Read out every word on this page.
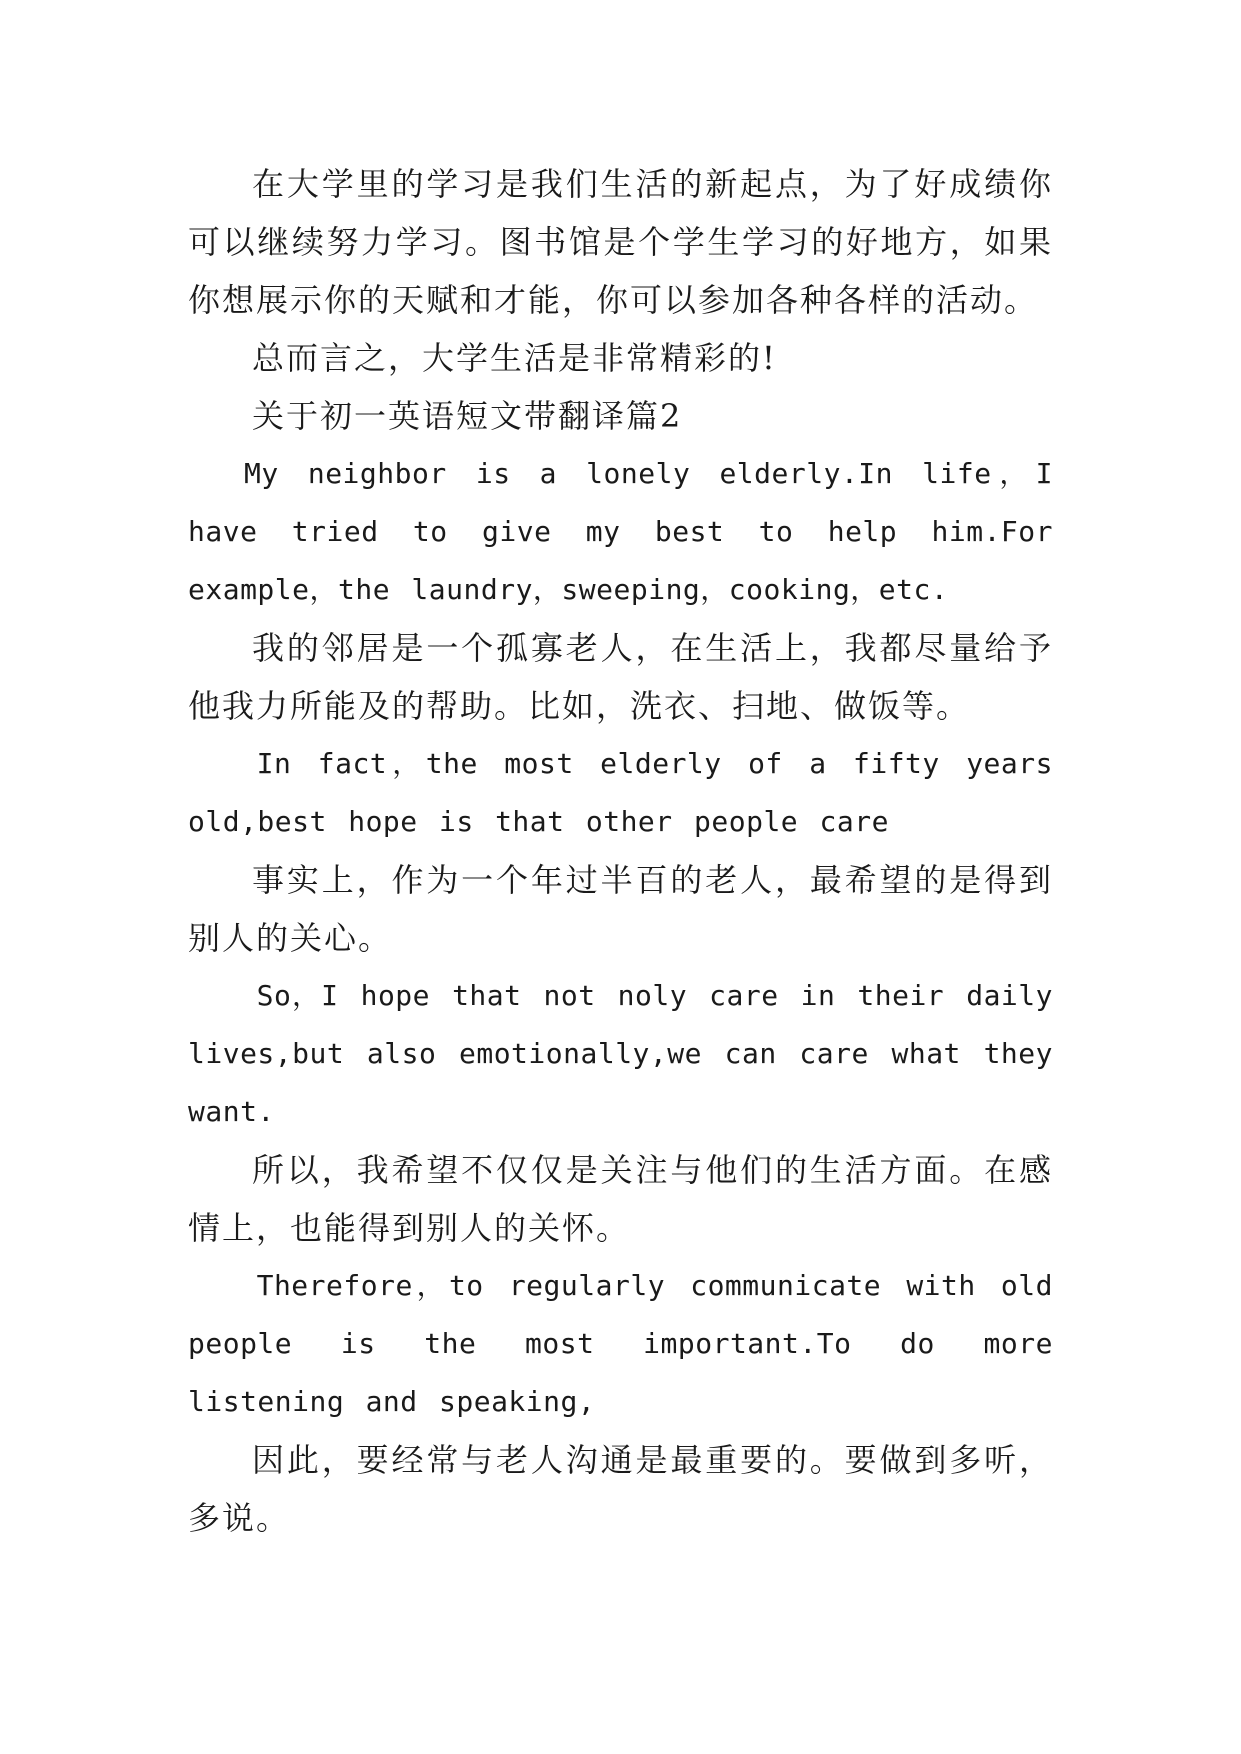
在大学里的学习是我们生活的新起点，为了好成绩你可以继续努力学习。图书馆是个学生学习的好地方，如果你想展示你的天赋和才能，你可以参加各种各样的活动。

总而言之，大学生活是非常精彩的!

关于初一英语短文带翻译篇2

My neighbor is a lonely elderly.In life，I have tried to give my best to help him.For example，the laundry，sweeping，cooking，etc.

我的邻居是一个孤寡老人，在生活上，我都尽量给予他我力所能及的帮助。比如，洗衣、扫地、做饭等。

In fact，the most elderly of a fifty years old,best hope is that other people care

事实上，作为一个年过半百的老人，最希望的是得到别人的关心。

So，I hope that not noly care in their daily lives,but also emotionally,we can care what they want.

所以，我希望不仅仅是关注与他们的生活方面。在感情上，也能得到别人的关怀。

Therefore，to regularly communicate with old people is the most important.To do more listening and speaking,

因此，要经常与老人沟通是最重要的。要做到多听，多说。
